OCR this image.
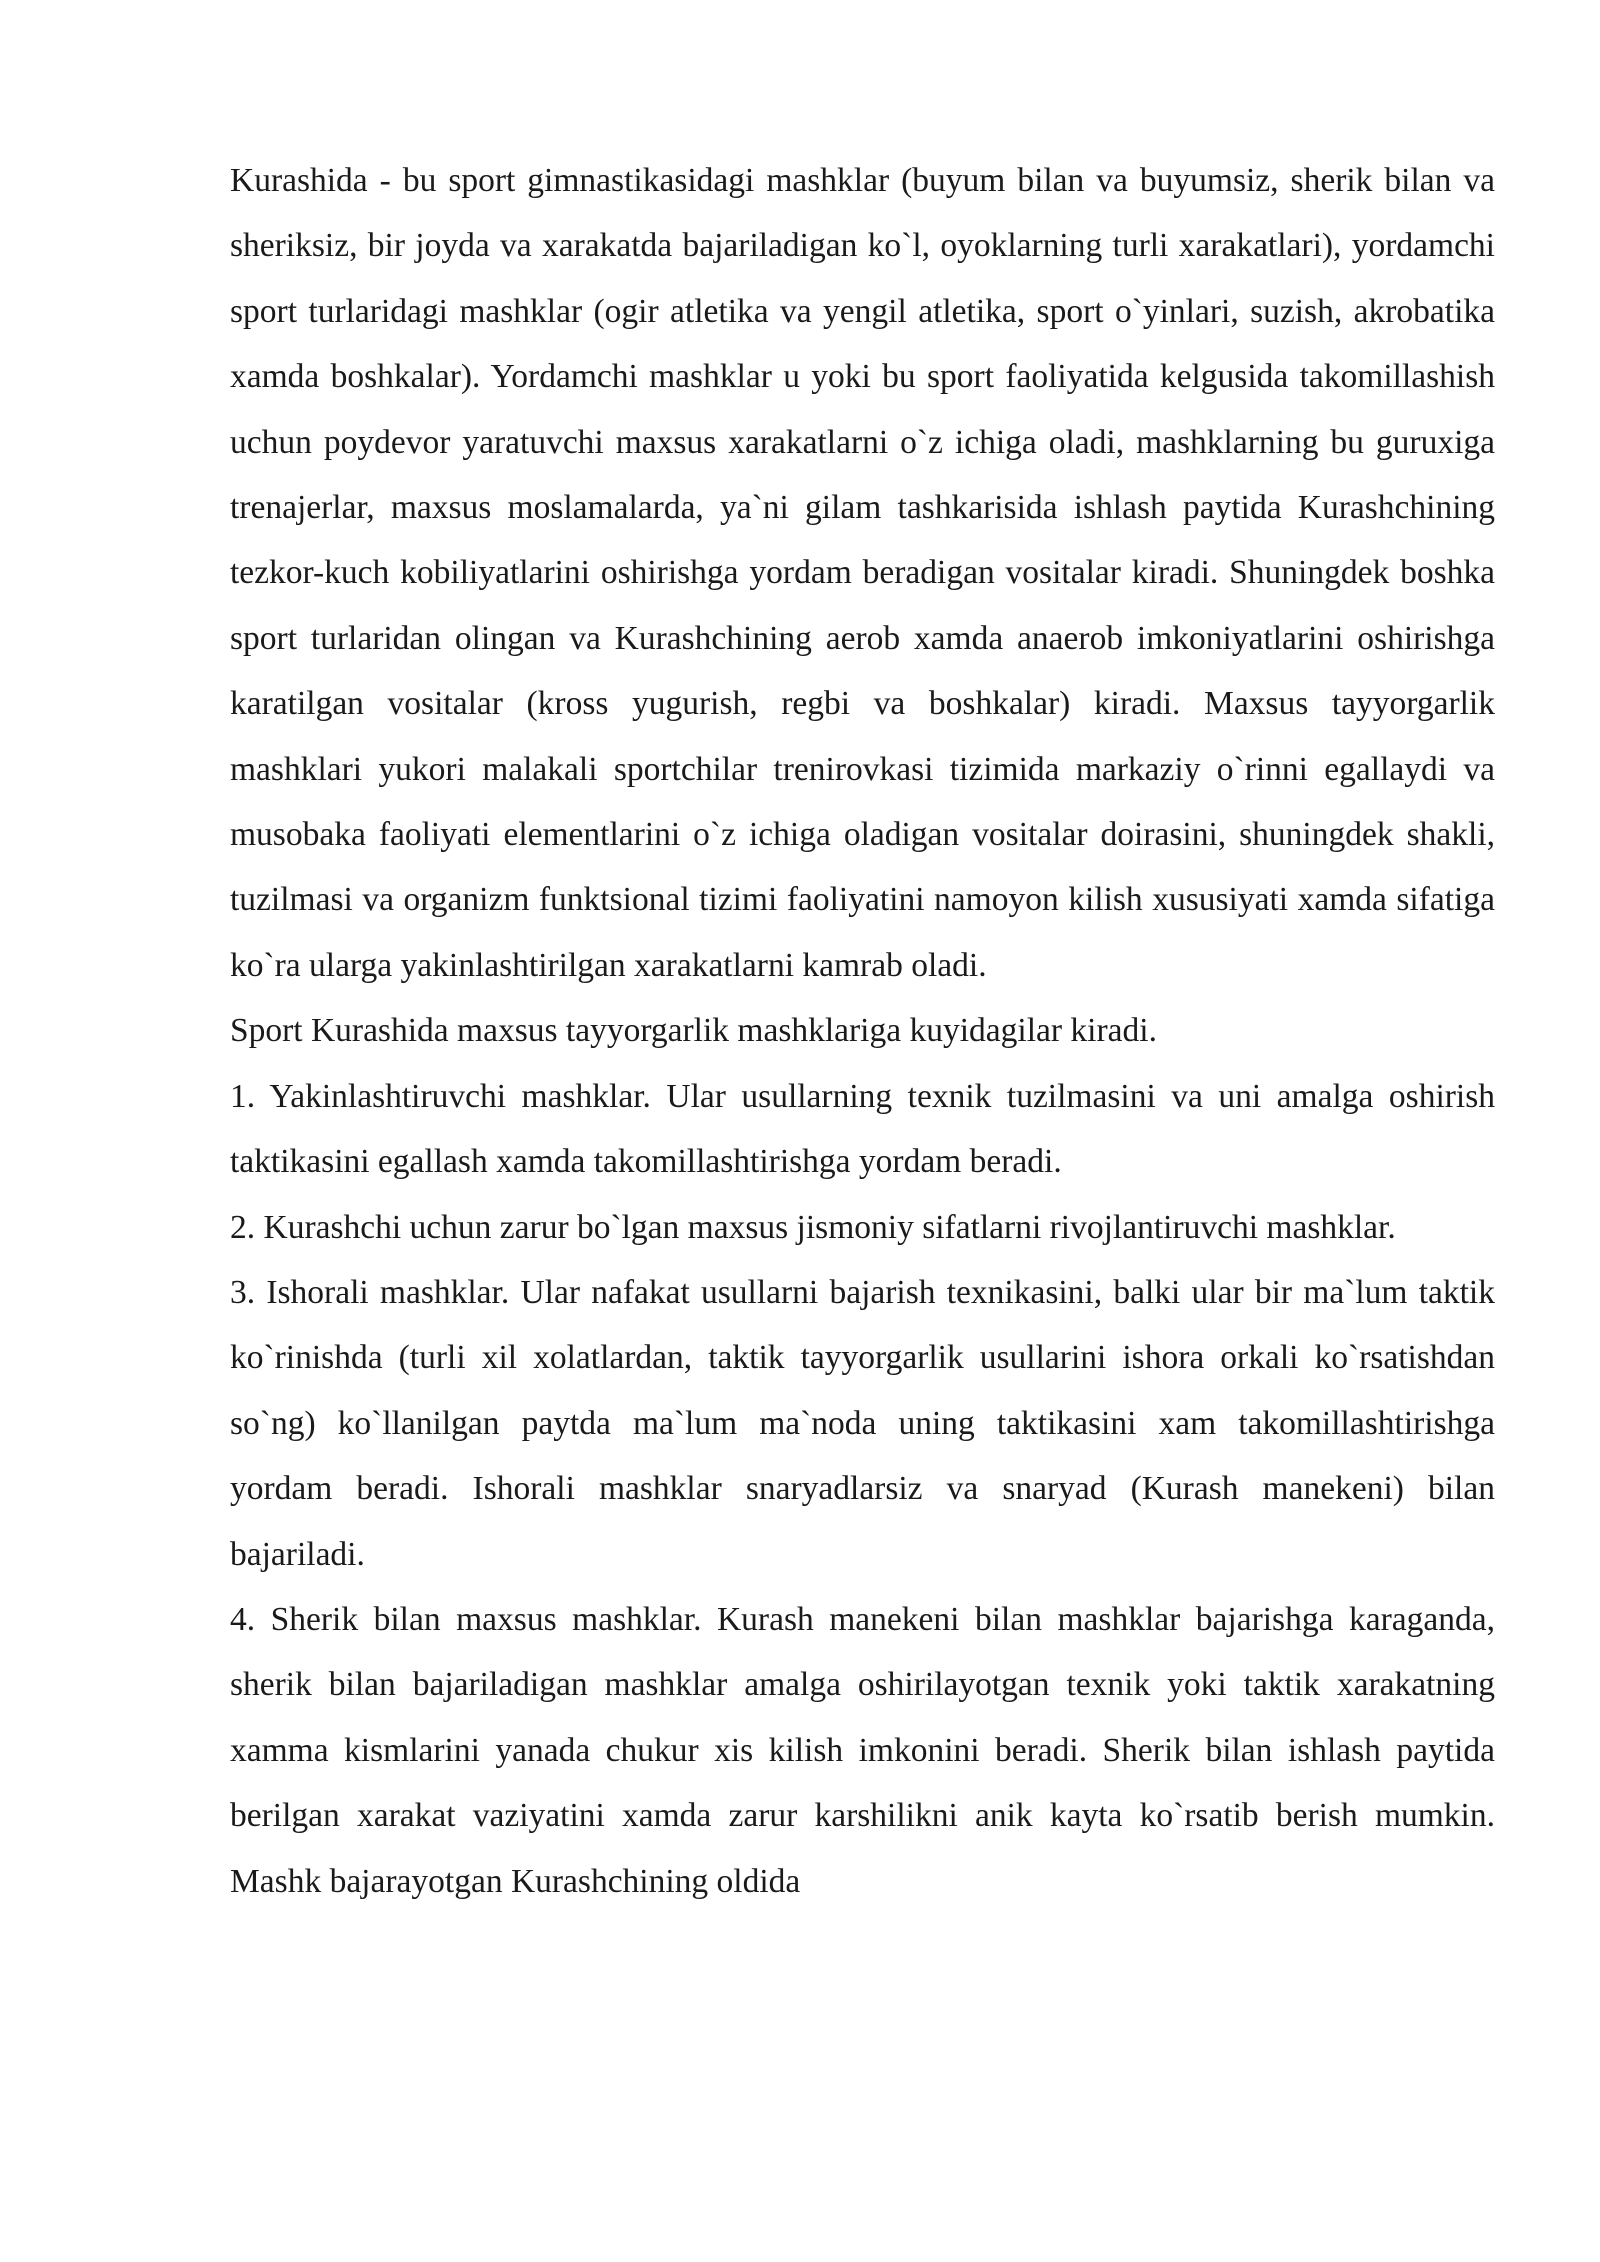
Kurashida - bu sport gimnastikasidagi mashklar (buyum bilan va buyumsiz, sherik bilan va sheriksiz, bir joyda va xarakatda bajariladigan ko`l, oyoklarning turli xarakatlari), yordamchi sport turlaridagi mashklar (ogir atletika va yengil atletika, sport o`yinlari, suzish, akrobatika xamda boshkalar). Yordamchi mashklar u yoki bu sport faoliyatida kelgusida takomillashish uchun poydevor yaratuvchi maxsus xarakatlarni o`z ichiga oladi, mashklarning bu guruxiga trenajerlar, maxsus moslamalarda, ya`ni gilam tashkarisida ishlash paytida Kurashchining tezkor-kuch kobiliyatlarini oshirishga yordam beradigan vositalar kiradi. Shuningdek boshka sport turlaridan olingan va Kurashchining aerob xamda anaerob imkoniyatlarini oshirishga karatilgan vositalar (kross yugurish, regbi va boshkalar) kiradi. Maxsus tayyorgarlik mashklari yukori malakali sportchilar trenirovkasi tizimida markaziy o`rinni egallaydi va musobaka faoliyati elementlarini o`z ichiga oladigan vositalar doirasini, shuningdek shakli, tuzilmasi va organizm funktsional tizimi faoliyatini namoyon kilish xususiyati xamda sifatiga ko`ra ularga yakinlashtirilgan xarakatlarni kamrab oladi.

Sport Kurashida maxsus tayyorgarlik mashklariga kuyidagilar kiradi.

1. Yakinlashtiruvchi mashklar. Ular usullarning texnik tuzilmasini va uni amalga oshirish taktikasini egallash xamda takomillashtirishga yordam beradi.

2. Kurashchi uchun zarur bo`lgan maxsus jismoniy sifatlarni rivojlantiruvchi mashklar.

3. Ishorali mashklar. Ular nafakat usullarni bajarish texnikasini, balki ular bir ma`lum taktik ko`rinishda (turli xil xolatlardan, taktik tayyorgarlik usullarini ishora orkali ko`rsatishdan so`ng) ko`llanilgan paytda ma`lum ma`noda uning taktikasini xam takomillashtirishga yordam beradi. Ishorali mashklar snaryadlarsiz va snaryad (Kurash manekeni) bilan bajariladi.

4. Sherik bilan maxsus mashklar. Kurash manekeni bilan mashklar bajarishga karaganda, sherik bilan bajariladigan mashklar amalga oshirilayotgan texnik yoki taktik xarakatning xamma kismlarini yanada chukur xis kilish imkonini beradi. Sherik bilan ishlash paytida berilgan xarakat vaziyatini xamda zarur karshilikni anik kayta ko`rsatib berish mumkin. Mashk bajarayotgan Kurashchining oldida
